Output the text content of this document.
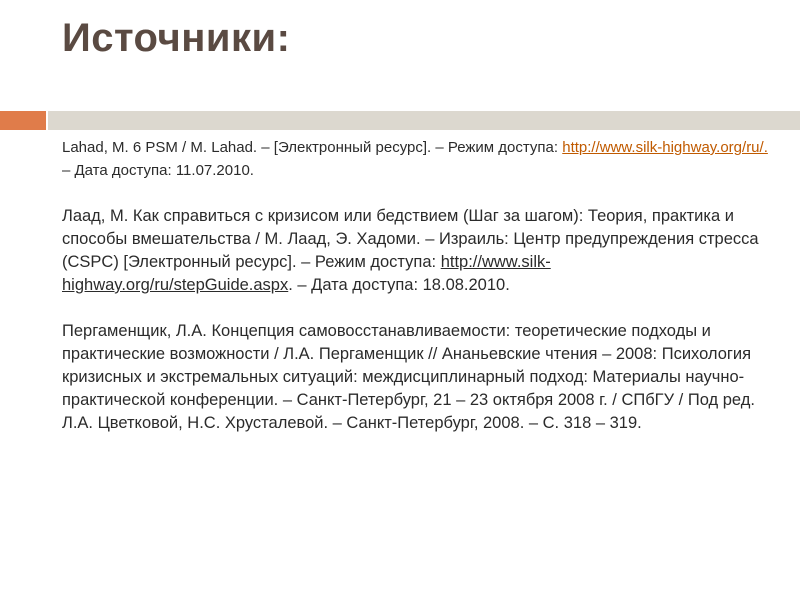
Источники:

Lahad, M. 6 PSM / M. Lahad. – [Электронный ресурс]. – Режим доступа: http://www.silk-highway.org/ru/. – Дата доступа: 11.07.2010.

Лаад, М. Как справиться с кризисом или бедствием (Шаг за шагом): Теория, практика и способы вмешательства / М. Лаад, Э. Хадоми. – Израиль: Центр предупреждения стресса (CSPC) [Электронный ресурс]. – Режим доступа: http://www.silk-highway.org/ru/stepGuide.aspx. – Дата доступа: 18.08.2010.

Пергаменщик, Л.А. Концепция самовосстанавливаемости: теоретические подходы и практические возможности / Л.А. Пергаменщик // Ананьевские чтения – 2008: Психология кризисных и экстремальных ситуаций: междисциплинарный подход: Материалы научно-практической конференции. – Санкт-Петербург, 21 – 23 октября 2008 г. / СПбГУ / Под ред. Л.А. Цветковой, Н.С. Хрусталевой. – Санкт-Петербург, 2008. – С. 318 – 319.
